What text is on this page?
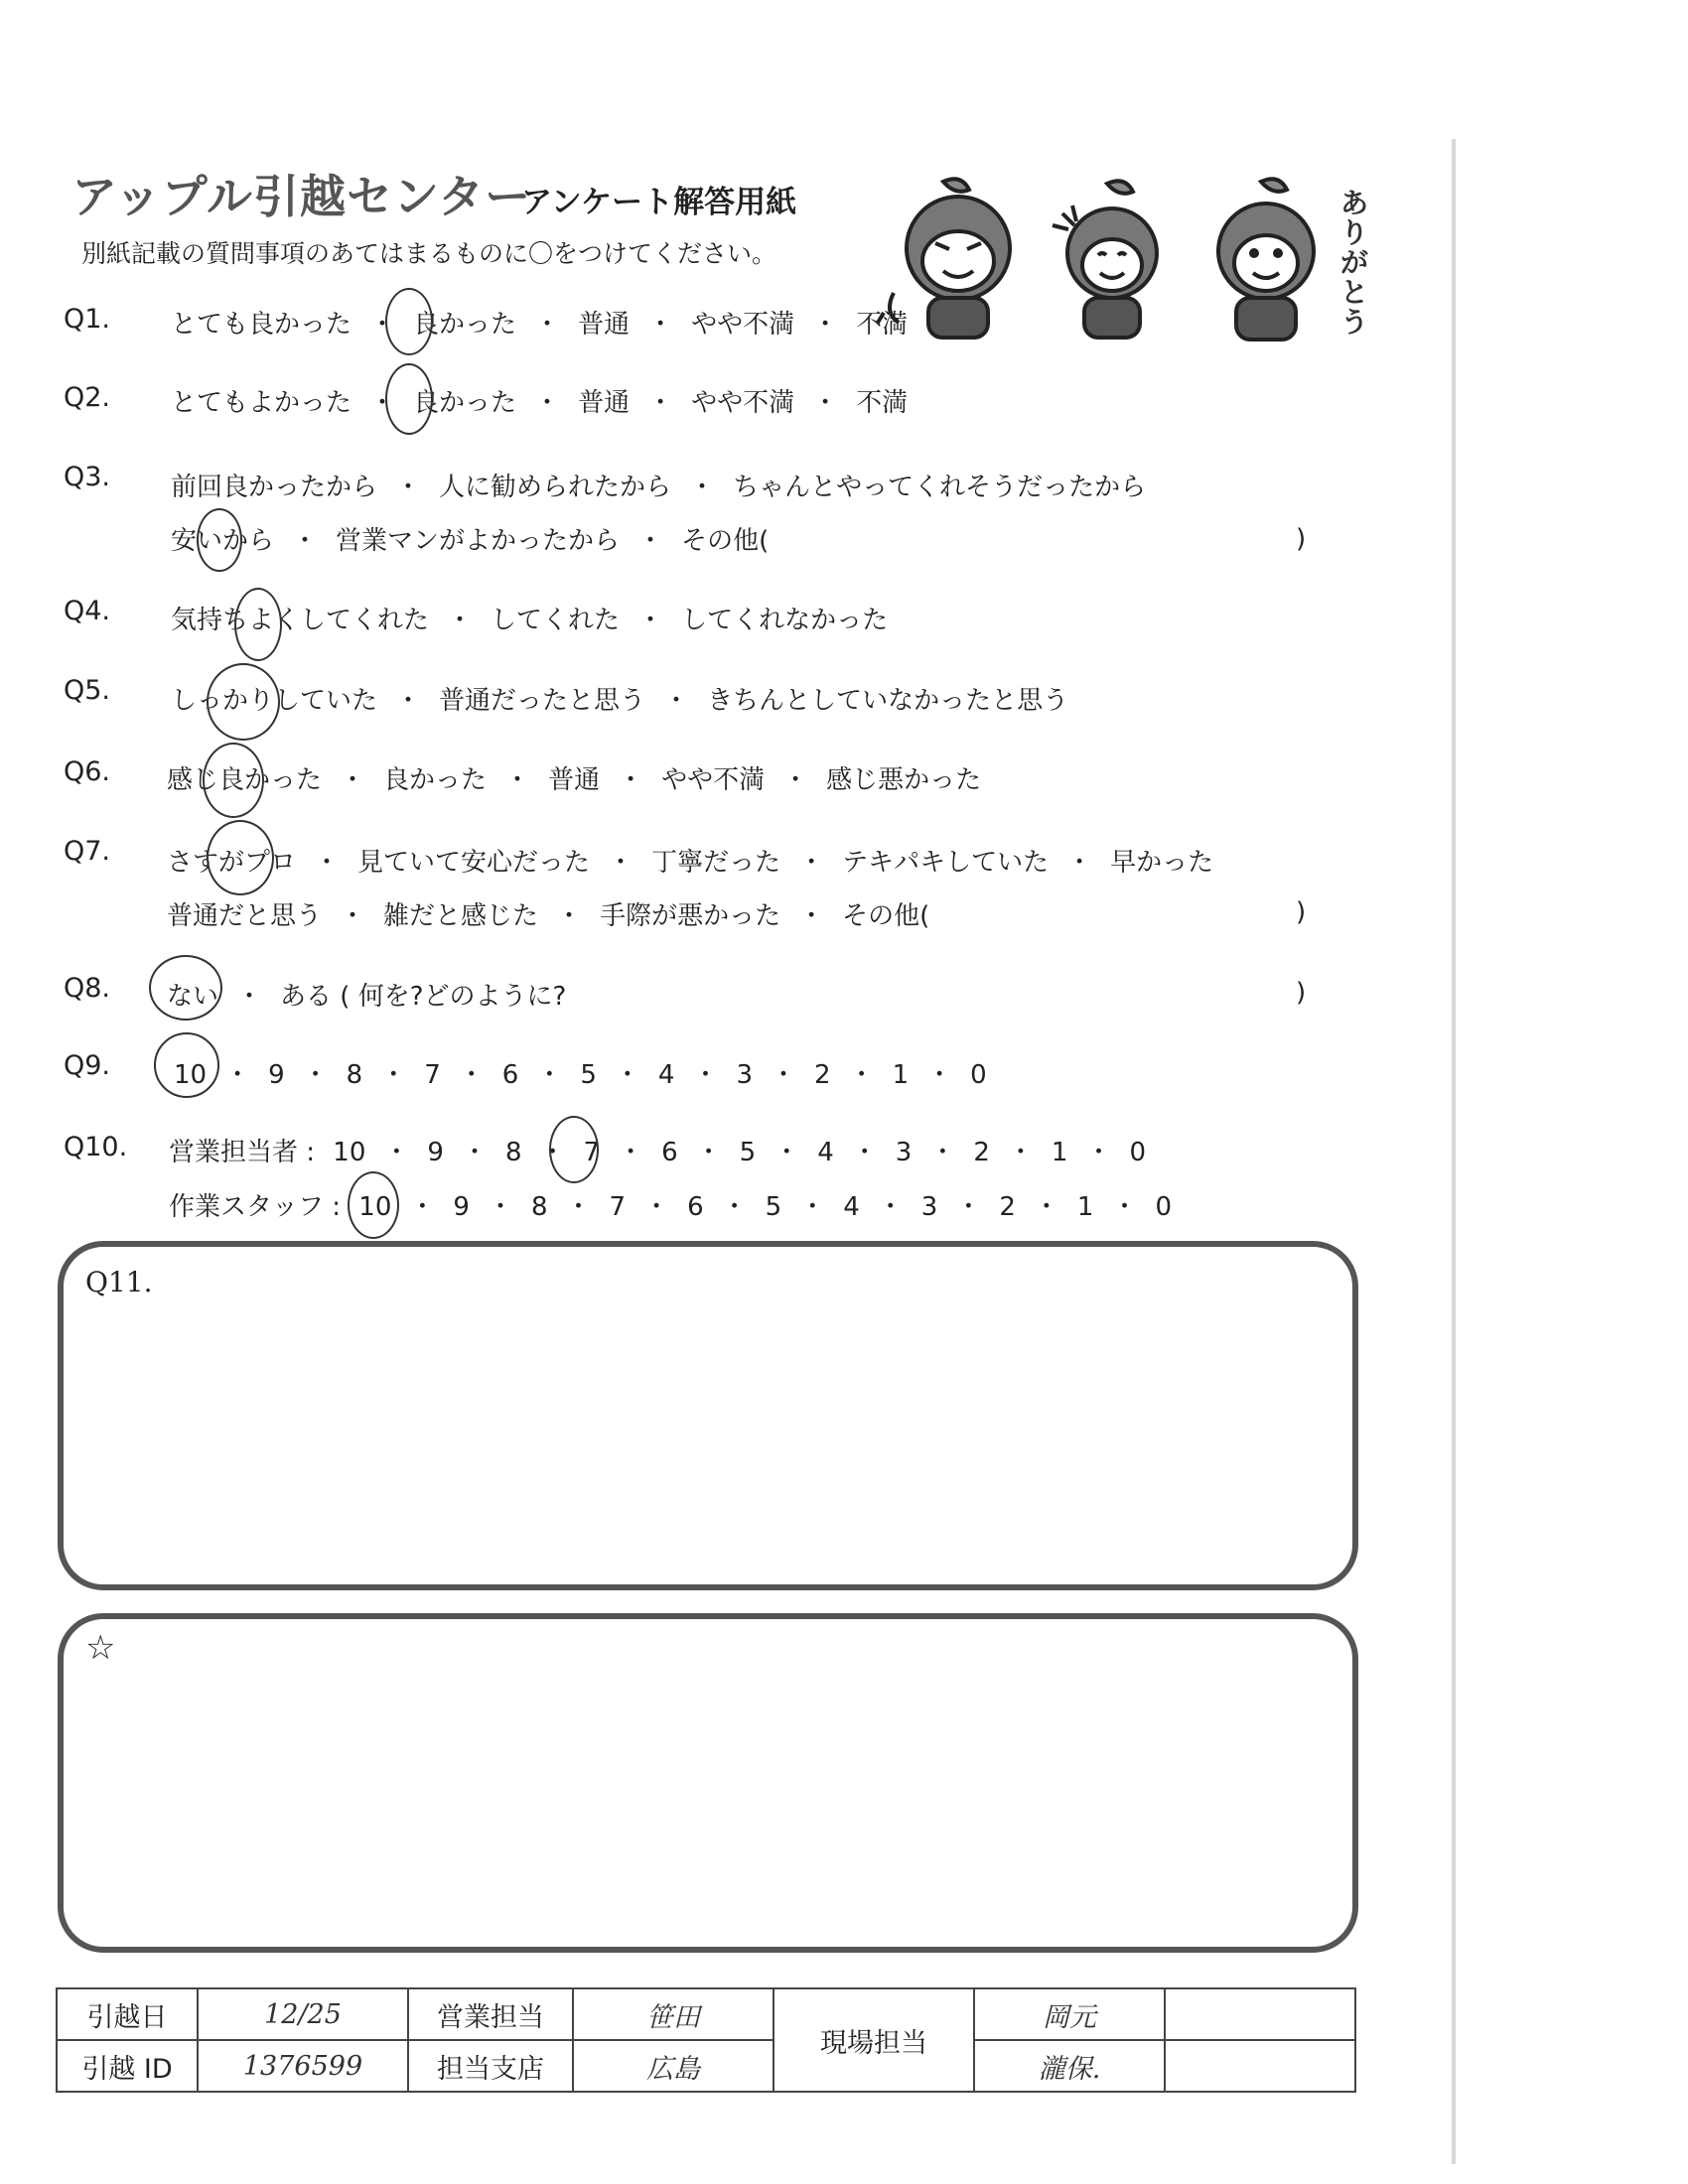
アップル引越センター
アンケート解答用紙
別紙記載の質問事項のあてはまるものに〇をつけてください。
ありがとう
Q1. とても良かった ・ 良かった ・ 普通 ・ やや不満 ・ 不満
Q2. とてもよかった ・ 良かった ・ 普通 ・ やや不満 ・ 不満
Q3. 前回良かったから ・ 人に勧められたから ・ ちゃんとやってくれそうだったから
安いから ・ 営業マンがよかったから ・ その他(	)
Q4. 気持ちよくしてくれた ・ してくれた ・ してくれなかった
Q5. しっかりしていた ・ 普通だったと思う ・ きちんとしていなかったと思う
Q6. 感じ良かった ・ 良かった ・ 普通 ・ やや不満 ・ 感じ悪かった
Q7. さすがプロ ・ 見ていて安心だった ・ 丁寧だった ・ テキパキしていた ・ 早かった
普通だと思う ・ 雑だと感じた ・ 手際が悪かった ・ その他(	)
Q8. ない ・ ある ( 何を?どのように?	)
Q9. 10 ・ 9 ・ 8 ・ 7 ・ 6 ・ 5 ・ 4 ・ 3 ・ 2 ・ 1 ・ 0
Q10. 営業担当者 : 10 ・ 9 ・ 8 ・ 7 ・ 6 ・ 5 ・ 4 ・ 3 ・ 2 ・ 1 ・ 0
作業スタッフ : 10 ・ 9 ・ 8 ・ 7 ・ 6 ・ 5 ・ 4 ・ 3 ・ 2 ・ 1 ・ 0
Q11.
☆
引越日	12/25	営業担当	笹田	現場担当	岡元	
引越 ID	1376599	担当支店	広島		瀧保.	
